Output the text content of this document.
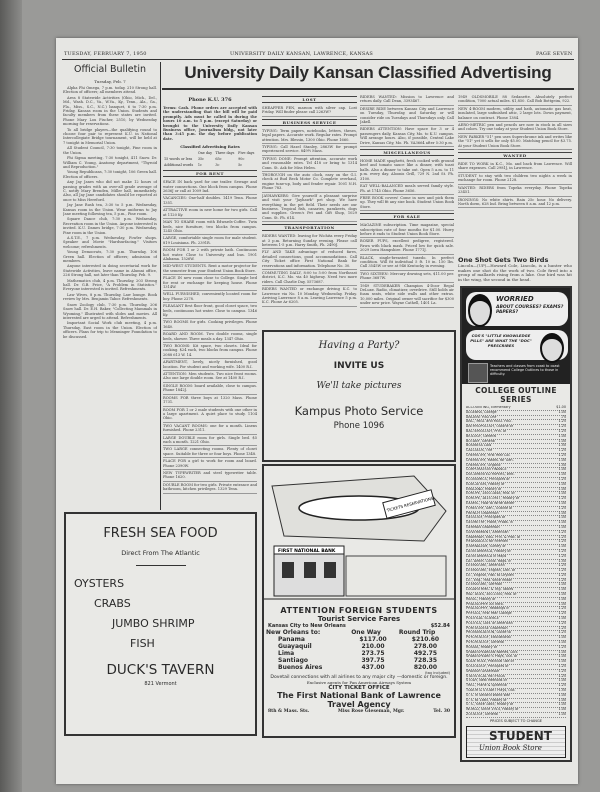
TUESDAY, FEBRUARY 7, 1950	UNIVERSITY DAILY KANSAN, LAWRENCE, KANSAS	PAGE SEVEN
Official Bulletin	University Daily Kansan Classified Advertising
Tuesday, Feb. 7
Alpha Phi Omega, 7 p.m. today, 210 Strong hall. Election of officers; all members attend.
Area 8 Statewide Activities (Ohio, Mich., Del., Md., Wash. D.C., Va., W.Va., Ky., Tenn., Ala., Ga., Fla., Miss., S.C., N.C.) banquet, 6 to 7:30 p.m. Friday, Kansas room in the Union. Students and faculty members from these states are invited. Phone Mary Lou Fischer, 2510, by Wednesday morning for reservations.
To all bridge players—the qualifying round to choose four pair to represent K.U. in National Intercollegiate Bridge tournament, will be held at 7 tonight in Memorial Union.
All Student Council, 7:30 tonight, Pine room in the Union.
Phi Sigma meeting, 7:30 tonight, 411 Snow. Dr. William C. Young, Anatomy department, "Thyroid and Reproduction."
Young Republicans, 7:30 tonight, 106 Green hall. Election of officers.
Any Jay Janes who did not make 12 hours of passing grades with an over-all grade average of C, notify Mary Brenden, Miller hall, immediately. Also, all Jay Jane candidates should be reported at once to Miss Hereford.
Jay Jane Rush tea, 3:30 to 5 p.m. Wednesday, Kansas room in the Union. Wear uniforms to Jay Jane meeting following tea, 5 p.m., Pine room.
Square Dance club, 7:30 p.m. Wednesday, Recreation room in the Union. Anyone interested is invited. K.U. Dames bridge, 7:30 p.m. Wednesday, Pine room in the Union.
A.S.T.E., 7 p.m. Wednesday, Fowler shops. Speaker and Movie "Hardsurfacing." Visitors welcome; refreshments.
Young Democrats, 7:30 p.m. Thursday, 106 Green hall. Election of officers; admission of members.
Anyone interested in doing secretarial work for Statewide Activities, leave name in Alumni office, 226 Strong hall, not later than Thursday, Feb. 9.
Mathematics club, 4 p.m. Thursday, 203 Strong hall. Dr. G.B. Price, "A Problem in Statistics." Everyone interested is invited. Refreshments.
Law Wives, 8 p.m. Thursday, Law lounge. Book review by Mrs. Benjamin Tabor. Refreshments.
Snow Zoology club, 7:30 p.m. Thursday, 206 Snow hall. Dr. E.H. Baker, "Collecting Mammals in Wyoming." Illustrated with slides and movies. All interested are urged to attend. Refreshments.
Important Social Work club meeting, 4 p.m. Thursday, East room in the Union. Election of officers. Plans for trip to Menninger Foundation to be discussed.
FRESH SEA FOOD
Direct From The Atlantic
OYSTERS
CRABS
JUMBO SHRIMP
FISH
DUCK'S TAVERN
821 Vermont
Phone K.U. 376
Terms: Cash. Phone orders are accepted with the understanding that the bill will be paid promptly. Ads must be called in during the hours 10 a.m. to 5 p.m. (except Saturday) or brought to the University Daily Kansan Business office, Journalism bldg., not later than 3:45 p.m. the day before publication date.
Classified Advertising Rates
	One day	Three days	Five days
15 words or less	35c	65c	90c
Additional words	1c	3c	5c
FOR RENT
SPACE IN back yard for one trailer. Sewage and water connections. One block from campus. Phone 2636J or call at 1009 Ind.
VACANCIES: One-half doubles. 1419 Tenn. Phone 1351.
ATTRACTIVE room in new home for two girls. Call at 1120 Ky.
MAN TO SHARE room with Edwards-Coffee. Twin beds, nice furniture, two blocks from campus. 1245 Ohio.
LARGE, comfortable single room for male student. 819 Louisiana. Ph. 2391R.
ROOM FOR 1 or 2 with private bath. Continuous hot water. Close to University and bus. 1901 Alabama. 1526W.
MID-WEST STUDENTS. Rent a motor projector for the semester from your Student Union Book Store.
PLACE IN new room close to College. Single bed for rent or exchange for keeping house. Phone 1314W.
WELL FURNISHED, conveniently located room for boy. Phone 2278.
PLEASANT first floor front, good closet space, two beds, continuous hot water. Close to campus. 1346 Ky.
TWO ROOMS for girls. Cooking privileges. Phone 1640.
BOARD AND ROOM. Two double rooms, single beds, shower. Three meals a day. 1347 Ohio.
TWO ROOMS: Kit space, two closets. Ideal for cooking. $24 each, two blocks from campus. Phone 2088 613 W. 14.
APARTMENT, lovely, nicely furnished, good location. For student and working wife. 1400 R.I.
ATTENTION: Men students. Two nice front rooms. Also one large double room. See at 1400 R.I.
SINGLE ROOM: board available, close to campus. Phone 1842J.
ROOMS FOR three boys at 1320 Mass. Phone 1731.
ROOM FOR 1 or 2 male students with one other in a large apartment. A quiet place to study. 1104 Ohio.
TWO VACANT ROOMS: one for a month. Linens furnished. Phone 2311.
LARGE DOUBLE room for girls. Single bed. $5 each a month. 1221 Ohio.
TWO LARGE connecting rooms. Plenty of closet space. Suitable for three or four boys. Phone 1348.
PLACE FOR a girl to work for room and board. Phone 2390W.
NEW TYPEWRITER and steel typewriter table. Phone 1620.
DOUBLE ROOM for two girls. Private entrance and bathroom, kitchen privileges. 1329 Tenn.
LOST
SHEAFFER PEN, maroon with silver cap. Lost Friday. Will finder please call 2263W?
BUSINESS SERVICE
TYPING: Term papers, notebooks, letters, theses, legal papers. Accurate work. Regular rates. Prompt attention. Mrs. Blessin, 1300 Ohio. Phone 1660.
TYPING: Call Hazel Stanley, 2863W for prompt experienced service. 849½ Mass.
TYPING DONE: Prompt attention, accurate work and reasonable rates. Tel 418 or bring to 1314 Conn. St. Ask for Miss Helen.
THOROUGH on the auto clock, easy on the G.I. check at Bud Beck Motor Co. Complete overhaul, engine tune-up, body and fender repair. 1001 N.H. Phone 783.
JAYHAWKERS: Give yourself a pleasant surprise and visit your "Jayhawk" pet shop. We have everything in the pet field. Their needs are our business. Tropical fish, canaries, parakeets, dogs and supplies. Green's Pet and Gift Shop, 1029 Conn. St. Ph. 614.
TRANSPORTATION
RIDERS WANTED: leaving for Wichita every Friday at 3 p.m. Returning Sunday evening. Please call between 1-5 p.m. Harry Smith, Ph. 2490J.
FLY AND TAKE advantage of reduced fares, detailed connections, good accommodations. Call City Ticket office First National Bank for reservations and information. Telephone No. 30.
COMMUTING DAILY, 8:00 to 5:00 from Northeast district, K.C. Mo. via 40 highway. Need two more riders. Call Charlie Day, 5573687.
RIDERS WANTED or exchange driving K.C. to Lawrence via No. 10 Monday, Wednesday, Friday. Arriving Lawrence 8 a.m. Leaving Lawrence 5 p.m. K.C. Phone Ar 6205.
RIDERS WANTED: Mission to Lawrence and return daily. Call Dean, 3393467.
DESIRE RIDE between Kansas City and Lawrence on Tuesday, Thursday, and Saturday or will consider ride on Tuesdays and Thursdays only. Call Jakell.
RIDERS ATTENTION: Have space for 3 or 4 passengers daily, Kansas City, Mo. to K.U. campus. Will arrange hours. Also, if possible, Central Lake Drive, Kansas City, Mo. Ph. VA3664 after 5:30 p.m.
MISCELLANEOUS
HOME MADE spaghetti, fresh cooked with ground beef and tomato sauce like a dinner, with toast balls. Also a dinner to take out. Open 5 a.m. to 11 p.m. every day. Aloonis Grill, 729 N. 2nd St. Ph. 3100.
EAT WELL-BALANCED meals served family style. Ph. at 1745 Ohio. Phone 3656.
FREE BOOK covers! Come in now and pick them up. They will fit any size book. Student Union Book Store.
FOR SALE
MAGAZINE subscription. Time magazine, special subscription rate of four months for $1.00. Hurry before it ends to Student Union Book Store.
BOXER PUPS, excellent pedigree, registered. Fawn with black mask. Priced low for quick sale. 2029 Iowa Hampshire. Phone 1771J.
BLACK, single-breasted tuxedo. In perfect condition. Will fit individual 5 ft. 10 in. 150 lbs. Call 3545W or see at 946 Kentucky in evening.
TWO SIXTEEN: Mercury drawing sets, $11.00 per. Phone 3687W.
1949 STUDEBAKER Champion 4-Door Regal DeLuxe. Radio, climatizer, overdrive. Still holds air foam seats, white side walls and other extras. 10,000 miles. Original owner will sacrifice for $300 under new price. Wayne Cathell, 1401 La.
1949 OLDSMOBILE 88 Sedanette. Absolutely perfect condition, 7000 actual miles. $1,850. Call Bob Bottgeim, 922.
NEW 4-ROOM modern, utility and bath, automatic gas heat, insulated, large unfinished attic, 2 large lots. Down payment, balance on contract. Phone 1384.
AERO-METRIC pen and pencils are now in stock in all sizes and colors. Try one today at your Student Union Book Store.
NEW PARKER "51" pen uses Superchrome ink and writes like the "51" yet it sells for only $5.00. Matching pencil for $3.75. At your Student Union Book Store.
WANTED
RIDE TO WORK in K.C., Mo. and back from Lawrence. Will share expenses. Call 2981J, in Lawrence.
STUDENT to stay with two children two nights a week in exchange for room. Phone 2128.
WANTED: RIDERS from Topeka everyday. Phone Topeka 23451.
IRONINGS: No white shirts. Rain 25c hour. No delivery. North dorm, 628 Ind. Bring between 8 a.m. and 12 p.m.
One Shot Gets Two Birds
Lincoln—(UP)—Howard Cole, Lincoln, is a hunter who makes one shot do the work of two. Cole fired into a group of mallards rising from a lake. One bird was hit in the wing, the second in the head.
Having a Party?
INVITE US
We'll take pictures
Kampus Photo Service
Phone 1096
TICKETS RESERVATIONS
FIRST NATIONAL BANK
ATTENTION FOREIGN STUDENTS
Tourist Service Fares
Kansas City to New Orleans	$52.84
New Orleans to:	One Way	Round Trip
Panama	$117.00	$210.60
Guayaquil	210.00	278.00
Lima	273.75	492.75
Santiago	397.75	728.35
Buenos Aires	437.00	820.00
(tax included)
Dovetail connections with all airlines to any major city —domestic or foreign.
Exclusive agents for Pan American Airways System
CITY TICKET OFFICE
The First National Bank of Lawrence
Travel Agency
8th & Mass. Sts.	Miss Rose Gieseman, Mgr.	Tel. 30
WORRIED
ABOUT COURSES? EXAMS? PAPERS?
COS'S "LITTLE KNOWLEDGE PILLS" ARE WHAT THE "DOC" PRESCRIBES
Teachers and classes from coast to coast recommend College Outlines to those in difficulty.
COLLEGE OUTLINE SERIES
ACCOUNTING, Elementary	$1.00
ALGEBRA, College	1.00
ANCIENT HISTORY	.75
ANC., MED. and MOD. HIST.	1.25
ANTHROPOLOGY, Outline of	1.25
BACTERIOLOGY, Prin. of	1.25
BIOLOGY, General	1.00
BOTANY, General	1.00
BUSINESS LAW	1.50
CALCULUS, The	1.25
CHEMISTRY, First Year Col.	1.25
CHEMISTRY, Maths. for Gen.	1.00
CHEMISTRY, Organic	1.50
CORPORATION FINANCE	1.00
DOCUMENTED PAPERS, Writ.	1.00
ECONOMICS, Principles of	1.25
EDUCATION, History of	1.00
ENGLAND, History of	1.00
EUROPE, 1500-1848, Hist. of	1.00
EUROPE, 1815-1947, History of	1.25
EXAMS., How to Write Better	1.00
FORESTRY, Gen., Outline of	1.25
FRENCH GRAMMAR	1.00
GEOLOGY, Principles of	1.00
GEOMETRY, Plane, Probs. in	1.00
GERMAN GRAMMAR	1.00
GOVERNMENT, American	1.25
GRAMMAR, ENG. Prin. & Prac. of	1.25
HYDRAULICS for Firemen	1.25
JOURNALISM, Survey of	1.00
LATIN AMERICA, History of	1.25
LATIN AMERICA in Maps	1.25
LAT. AMER. Civiliz. Rdgs. in	1.50
LITERATURE, American	1.25
LITERATURE, English, Dict. of	1.25
LIT., English, Hist. to Dryden	1.25
LIT., Eng., Hist. since Milton	1.25
LITERATURE, German	1.00
LOGARITHMIC & Trig. Tables	1.00
MID. AGES, 300-1500, Hist. of	1.00
MUSIC, History of	1.00
PHILOSOPHY: An Intro.	1.00
PHILOSOPHY, Readings in	1.25
PHYSICS, First Year College	1.25
POLITICAL SCIENCE	1.00
POLITICS, Dict. of American	1.25
PORTUGUESE GRAMMAR	1.25
PRONUNCIATION, Guide to	1.25
PSYCHOLOGY, Educational	1.00
PSYCHOLOGY, General	1.00
RUSSIA, History of	1.25
SHAKESPEAREAN Names, Dict.	1.00
SHAKESPEARE'S Plays, Out. of	1.00
SLIDE RULE, Practical use of	1.00
SOCIOLOGY, Principles of	1.25
SPANISH GRAMMAR	1.25
STATISTICAL METHODS	1.25
STUDY, Best Methods of	1.00
TRIG., Plane & Spherical	1.25
TUDOR & STUART Plays, Out.	1.50
U. S. in Second World War	1.00
U. S. to 1865, History of	1.00
U. S., since 1865, History of	1.00
WORLD, Since 1914, History of	1.00
ZOOLOGY, General	1.00
PRICES SUBJECT TO CHANGE
STUDENT
Union Book Store
